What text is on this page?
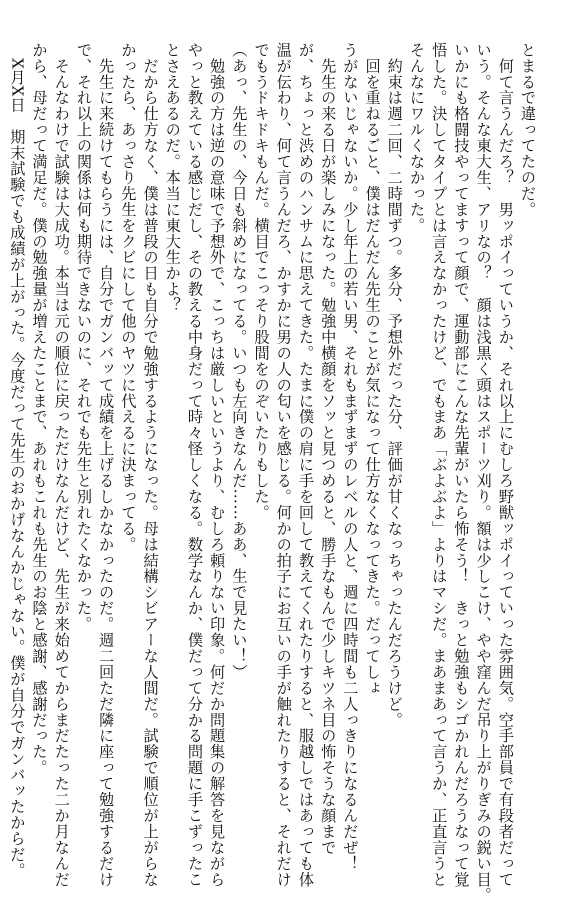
とまるで違ってたのだ。
　何て言うんだろ？　男ッポイっていうか、それ以上にむしろ野獣ッポイっていった雰囲気。空手部員で有段者だって
いう。そんな東大生、アリなの？　顔は浅黒く頭はスポーツ刈り。額は少しこけ、やや窪んだ吊り上がりぎみの鋭い目。
いかにも格闘技やってますって顔で、運動部にこんな先輩がいたら怖そう！　きっと勉強もシゴかれんだろうなって覚
悟した。決してタイプとは言えなかったけど、でもまあ「ぶよぶよ」よりはマシだ。まあまあって言うか、正直言うと
そんなにワルくなかった。
　約束は週二回、二時間ずつ。多分、予想外だった分、評価が甘くなっちゃったんだろうけど。
　回を重ねるごと、僕はだんだん先生のことが気になって仕方なくなってきた。だってしょ
うがないじゃないか。少し年上の若い男、それもまずまずのレベルの人と、週に四時間も二人っきりになるんだぜ！
　先生の来る日が楽しみになった。勉強中横顔をソッと見つめると、勝手なもんで少しキツネ目の怖そうな顔まで
が、ちょっと渋めのハンサムに思えてきた。たまに僕の肩に手を回して教えてくれたりすると、服越しではあっても体
温が伝わり、何て言うんだろ、かすかに男の人の匂いを感じる。何かの拍子にお互いの手が触れたりすると、それだけ
でもうドキドキもんだ。横目でこっそり股間をのぞいたりもした。
（あっ、先生の、今日も斜めになってる。いつも左向きなんだ……ああ、生で見たい！）
　勉強の方は逆の意味で予想外で、こっちは厳しいというより、むしろ頼りない印象。何だか問題集の解答を見ながら
やっと教えている感じだし、その教える中身だって時々怪しくなる。数学なんか、僕だって分かる問題に手こずったこ
とさえあるのだ。本当に東大生かよ？
　だから仕方なく、僕は普段の日も自分で勉強するようになった。母は結構シビアーな人間だ。試験で順位が上がらな
かったら、あっさり先生をクビにして他のヤツに代えるに決まってる。
　先生に来続けてもらうには、自分でガンバッて成績を上げるしかなかったのだ。週二回ただ隣に座って勉強するだけ
で、それ以上の関係は何も期待できないのに、それでも先生と別れたくなかった。
　そんなわけで試験は大成功。本当は元の順位に戻っただけなんだけど、先生が来始めてからまだたった二か月なんだ
から、母だって満足だ。僕の勉強量が増えたことまで、あれもこれも先生のお陰と感謝、感謝だった。
　X月X日　期末試験でも成績が上がった。今度だって先生のおかげなんかじゃない。僕が自分でガンバッたからだ。
